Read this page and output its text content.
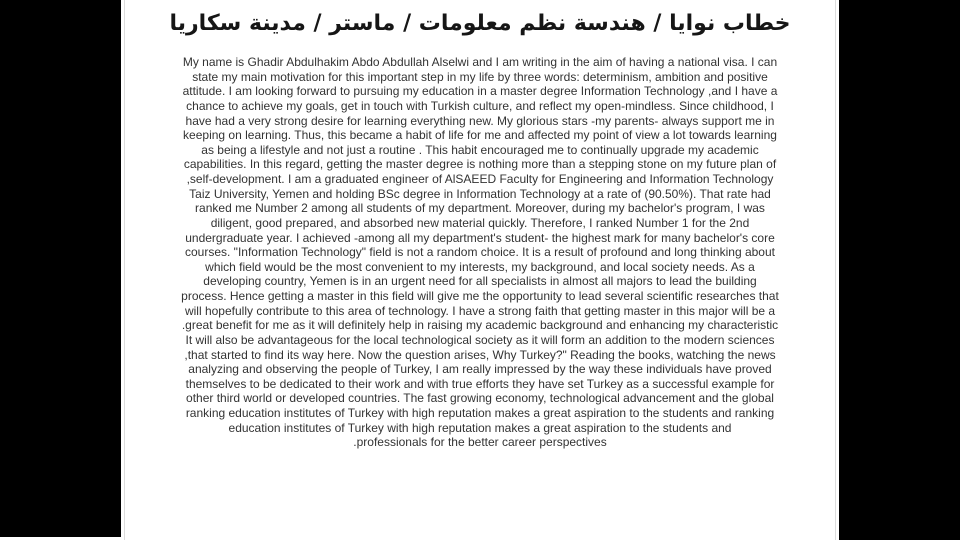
خطاب نوايا / هندسة نظم معلومات / ماستر / مدينة سكاريا
My name is Ghadir Abdulhakim Abdo Abdullah Alselwi and I am writing in the aim of having a national visa. I can
state my main motivation for this important step in my life by three words: determinism, ambition and positive
attitude. I am looking forward to pursuing my education in a master degree Information Technology ,and I have a
chance to achieve my goals, get in touch with Turkish culture, and reflect my open-mindless. Since childhood, I
have had a very strong desire for learning everything new. My glorious stars -my parents- always support me in
keeping on learning. Thus, this became a habit of life for me and affected my point of view a lot towards learning
as being a lifestyle and not just a routine . This habit encouraged me to continually upgrade my academic
capabilities. In this regard, getting the master degree is nothing more than a stepping stone on my future plan of
,self-development. I am a graduated engineer of AlSAEED Faculty for Engineering and Information Technology
Taiz University, Yemen and holding BSc degree in Information Technology at a rate of (90.50%). That rate had
ranked me Number 2 among all students of my department. Moreover, during my bachelor's program, I was
diligent, good prepared, and absorbed new material quickly. Therefore, I ranked Number 1 for the 2nd
undergraduate year. I achieved -among all my department's student- the highest mark for many bachelor's core
courses. "Information Technology" field is not a random choice. It is a result of profound and long thinking about
which field would be the most convenient to my interests, my background, and local society needs. As a
developing country, Yemen is in an urgent need for all specialists in almost all majors to lead the building
process. Hence getting a master in this field will give me the opportunity to lead several scientific researches that
will hopefully contribute to this area of technology. I have a strong faith that getting master in this major will be a
.great benefit for me as it will definitely help in raising my academic background and enhancing my characteristic
It will also be advantageous for the local technological society as it will form an addition to the modern sciences
,that started to find its way here. Now the question arises, Why Turkey?" Reading the books, watching the news
analyzing and observing the people of Turkey, I am really impressed by the way these individuals have proved
themselves to be dedicated to their work and with true efforts they have set Turkey as a successful example for
other third world or developed countries. The fast growing economy, technological advancement and the global
ranking education institutes of Turkey with high reputation makes a great aspiration to the students and ranking
education institutes of Turkey with high reputation makes a great aspiration to the students and
.professionals for the better career perspectives
